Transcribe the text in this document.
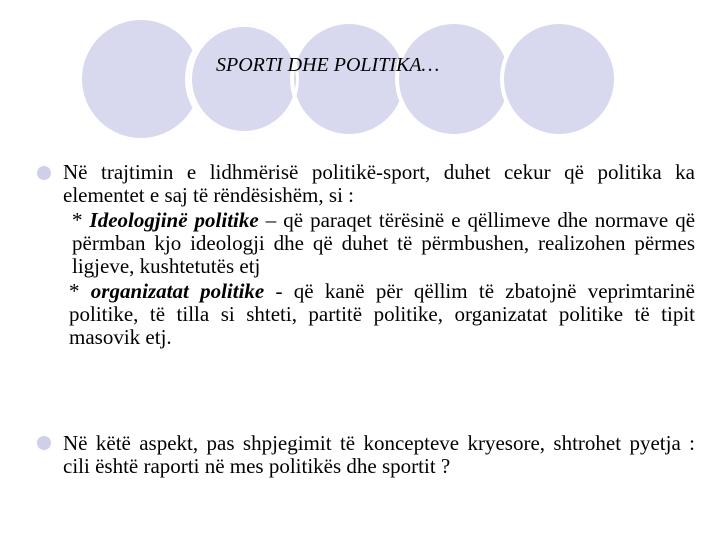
SPORTI DHE POLITIKA…
Në trajtimin e lidhmërisë politikë-sport, duhet cekur që politika ka elementet e saj të rëndësishëm, si :
* Ideologjinë politike – që paraqet tërësinë e qëllimeve dhe normave që përmban kjo ideologji dhe që duhet të përmbushen, realizohen përmes ligjeve, kushtetutës etj
* organizatat politike - që kanë për qëllim të zbatojnë veprimtarinë politike, të tilla si shteti, partitë politike, organizatat politike të tipit masovik etj.
Në këtë aspekt, pas shpjegimit të koncepteve kryesore, shtrohet pyetja : cili është raporti në mes politikës dhe sportit ?
